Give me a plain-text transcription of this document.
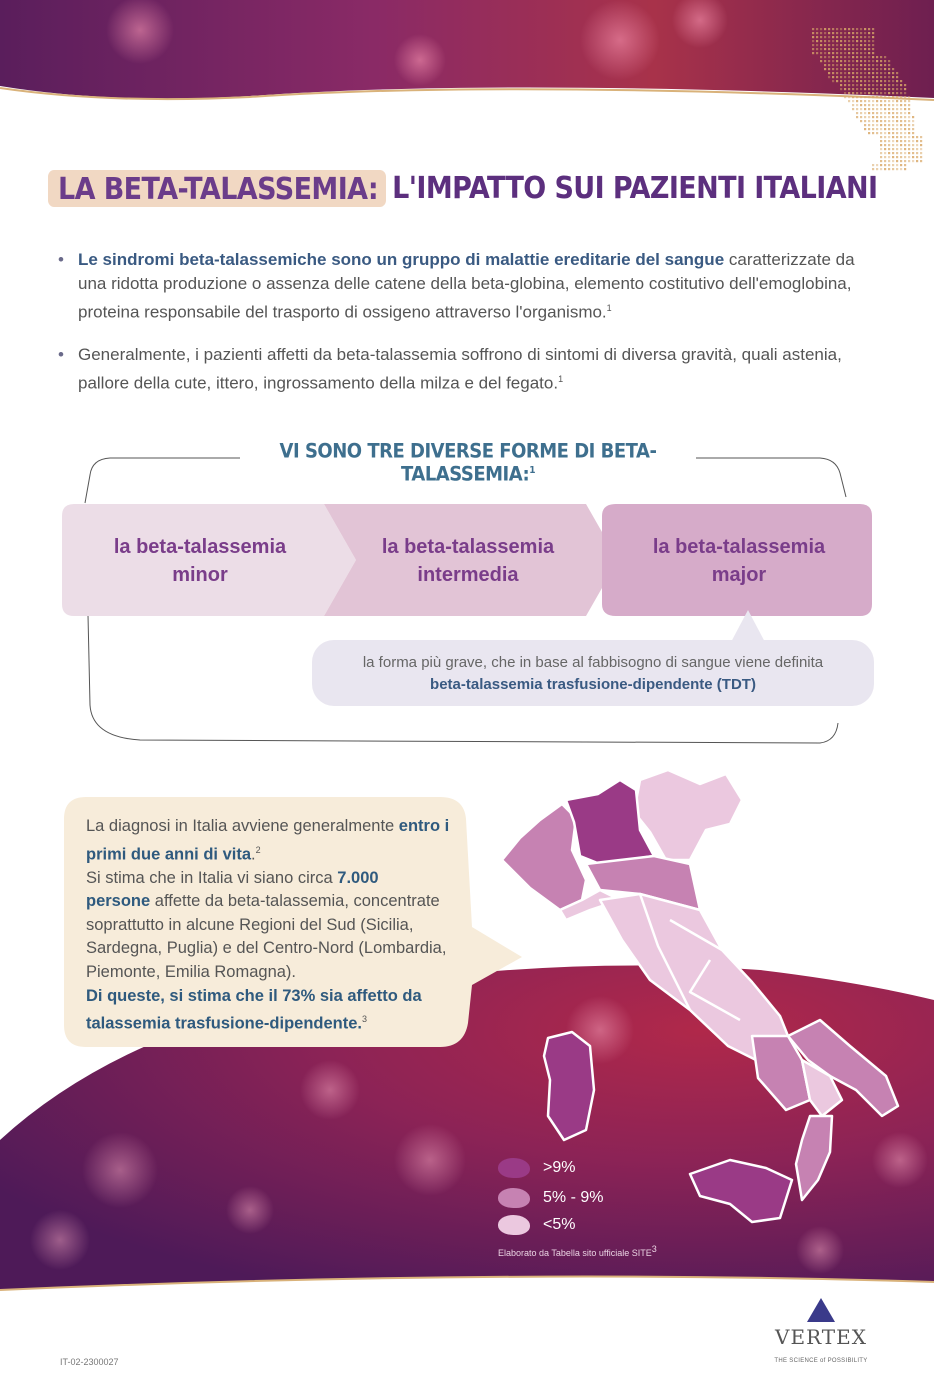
LA BETA-TALASSEMIA: L'IMPATTO SUI PAZIENTI ITALIANI
• Le sindromi beta-talassemiche sono un gruppo di malattie ereditarie del sangue caratterizzate da una ridotta produzione o assenza delle catene della beta-globina, elemento costitutivo dell'emoglobina, proteina responsabile del trasporto di ossigeno attraverso l'organismo.$^1$
• Generalmente, i pazienti affetti da beta-talassemia soffrono di sintomi di diversa gravità, quali astenia, pallore della cute, ittero, ingrossamento della milza e del fegato.$^1$
VI SONO TRE DIVERSE FORME DI BETA-TALASSEMIA:$^1$
la beta-talassemia
minor
la beta-talassemia
intermedia
la beta-talassemia
major
la forma più grave, che in base al fabbisogno di sangue viene definita
beta-talassemia trasfusione-dipendente (TDT)
La diagnosi in Italia avviene generalmente entro i primi due anni di vita.$^2$
Si stima che in Italia vi siano circa 7.000
persone affette da beta-talassemia, concentrate soprattutto in alcune Regioni del Sud (Sicilia, Sardegna, Puglia) e del Centro-Nord (Lombardia, Piemonte, Emilia Romagna).
Di queste, si stima che il 73% sia affetto da talassemia trasfusione-dipendente.$^3$
>9%
5% - 9%
<5%
Elaborato da Tabella sito ufficiale SITE$^3$
IT-02-2300027
VERTEX
THE SCIENCE of POSSIBILITY
